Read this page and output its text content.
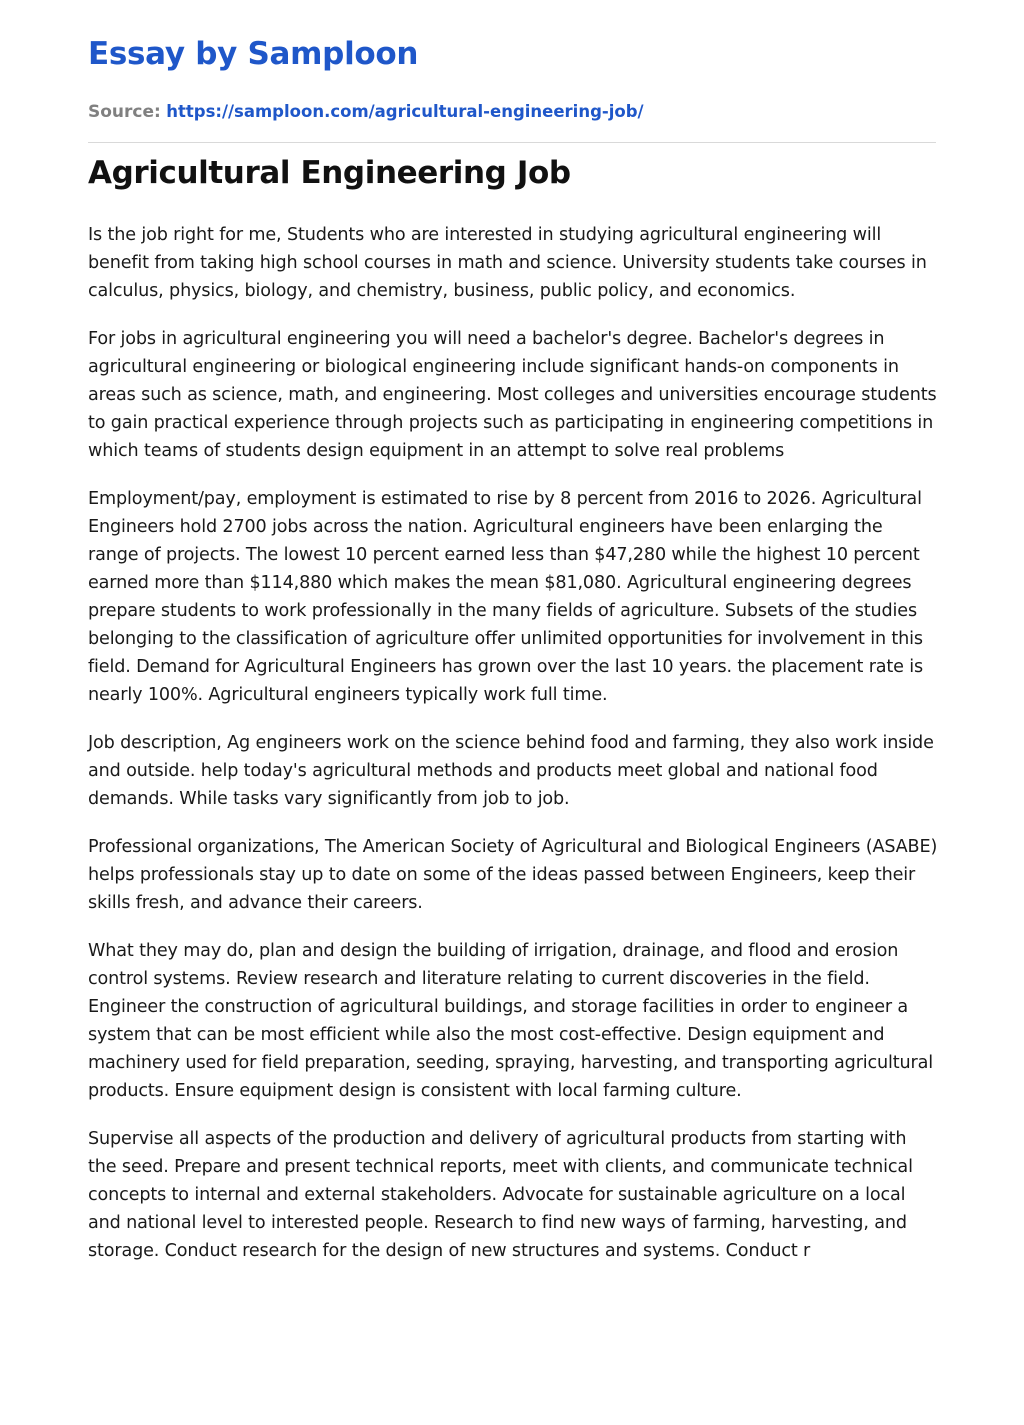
Essay by Samploon

Source: https://samploon.com/agricultural-engineering-job/

Agricultural Engineering Job

Is the job right for me, Students who are interested in studying agricultural engineering will benefit from taking high school courses in math and science. University students take courses in calculus, physics, biology, and chemistry, business, public policy, and economics.

For jobs in agricultural engineering you will need a bachelor's degree. Bachelor's degrees in agricultural engineering or biological engineering include significant hands-on components in areas such as science, math, and engineering. Most colleges and universities encourage students to gain practical experience through projects such as participating in engineering competitions in which teams of students design equipment in an attempt to solve real problems

Employment/pay, employment is estimated to rise by 8 percent from 2016 to 2026. Agricultural Engineers hold 2700 jobs across the nation. Agricultural engineers have been enlarging the range of projects. The lowest 10 percent earned less than $47,280 while the highest 10 percent earned more than $114,880 which makes the mean $81,080. Agricultural engineering degrees prepare students to work professionally in the many fields of agriculture. Subsets of the studies belonging to the classification of agriculture offer unlimited opportunities for involvement in this field. Demand for Agricultural Engineers has grown over the last 10 years. the placement rate is nearly 100%. Agricultural engineers typically work full time.

Job description, Ag engineers work on the science behind food and farming, they also work inside and outside. help today's agricultural methods and products meet global and national food demands. While tasks vary significantly from job to job.

Professional organizations, The American Society of Agricultural and Biological Engineers (ASABE) helps professionals stay up to date on some of the ideas passed between Engineers, keep their skills fresh, and advance their careers.

What they may do, plan and design the building of irrigation, drainage, and flood and erosion control systems. Review research and literature relating to current discoveries in the field. Engineer the construction of agricultural buildings, and storage facilities in order to engineer a system that can be most efficient while also the most cost-effective. Design equipment and machinery used for field preparation, seeding, spraying, harvesting, and transporting agricultural products. Ensure equipment design is consistent with local farming culture.

Supervise all aspects of the production and delivery of agricultural products from starting with the seed. Prepare and present technical reports, meet with clients, and communicate technical concepts to internal and external stakeholders. Advocate for sustainable agriculture on a local and national level to interested people. Research to find new ways of farming, harvesting, and storage. Conduct research for the design of new structures and systems. Conduct r
